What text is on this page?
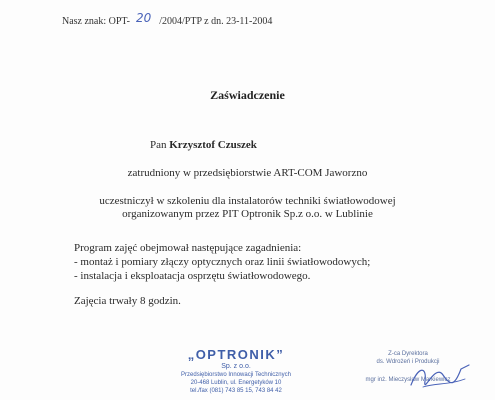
Nasz znak: OPT- 20 /2004/PTP z dn. 23-11-2004
Zaświadczenie
Pan Krzysztof Czuszek
zatrudniony w przedsiębiorstwie ART-COM Jaworzno
uczestniczył w szkoleniu dla instalatorów techniki światłowodowej
organizowanym przez PIT Optronik Sp.z o.o. w Lublinie
Program zajęć obejmował następujące zagadnienia:
- montaż i pomiary złączy optycznych oraz linii światłowodowych;
- instalacja i eksploatacja osprzętu światłowodowego.
Zajęcia trwały 8 godzin.
„OPTRONIK”
Sp. z o.o.
Przedsiębiorstwo Innowacji Technicznych
20-468 Lublin, ul. Energetyków 10
tel./fax (081) 743 85 15, 743 84 42
Z-ca Dyrektora
ds. Wdrożeń i Produkcji
mgr inż. Mieczysław Markiewicz
